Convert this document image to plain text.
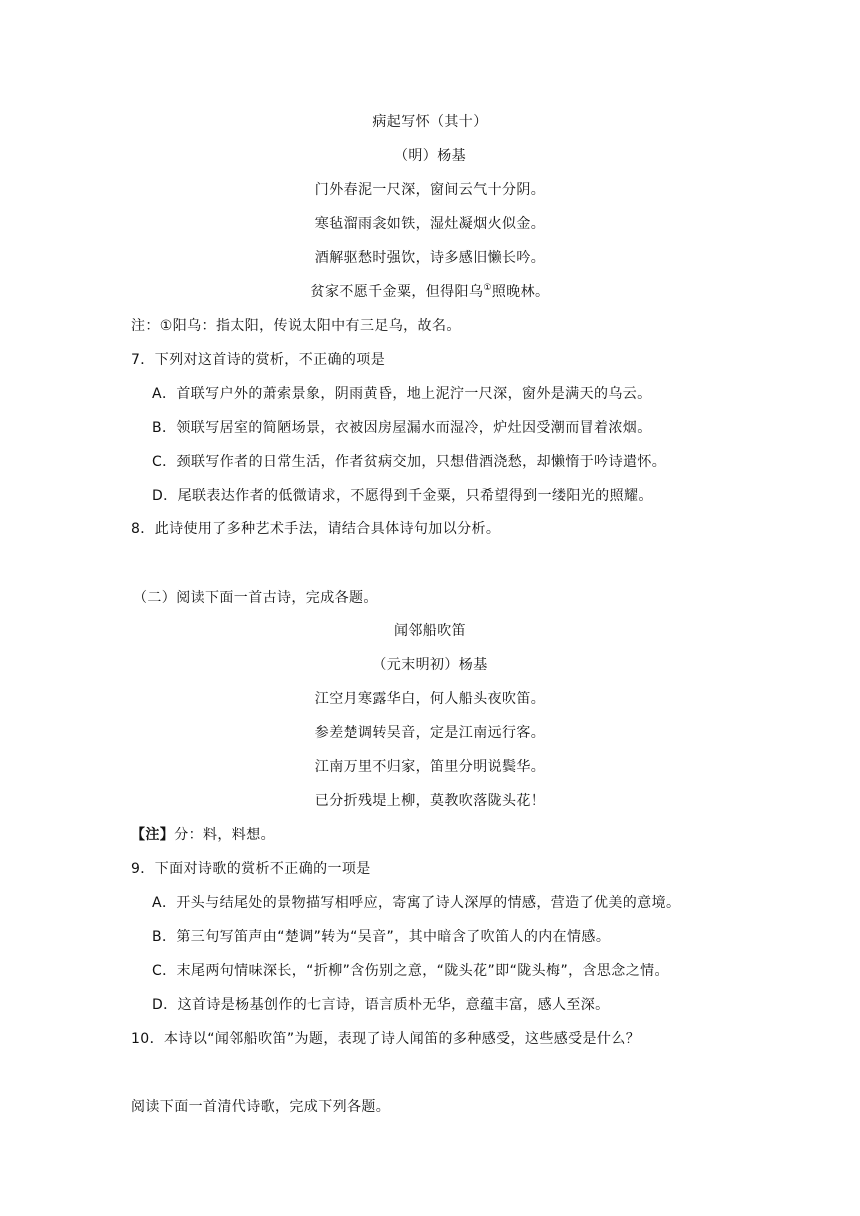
病起写怀（其十）
（明）杨基
门外春泥一尺深，窗间云气十分阴。
寒毡溜雨衾如铁，湿灶凝烟火似金。
酒解驱愁时强饮，诗多感旧懒长吟。
贫家不愿千金粟，但得阳乌①照晚林。
注：①阳乌：指太阳，传说太阳中有三足乌，故名。
7．下列对这首诗的赏析，不正确的项是
A．首联写户外的萧索景象，阴雨黄昏，地上泥泞一尺深，窗外是满天的乌云。
B．领联写居室的简陋场景，衣被因房屋漏水而湿冷，炉灶因受潮而冒着浓烟。
C．颈联写作者的日常生活，作者贫病交加，只想借酒浇愁，却懒惰于吟诗遣怀。
D．尾联表达作者的低微请求，不愿得到千金粟，只希望得到一缕阳光的照耀。
8．此诗使用了多种艺术手法，请结合具体诗句加以分析。
（二）阅读下面一首古诗，完成各题。
闻邻船吹笛
（元末明初）杨基
江空月寒露华白，何人船头夜吹笛。
参差楚调转吴音，定是江南远行客。
江南万里不归家，笛里分明说鬓华。
已分折残堤上柳，莫教吹落陇头花！
【注】分：料，料想。
9．下面对诗歌的赏析不正确的一项是
A．开头与结尾处的景物描写相呼应，寄寓了诗人深厚的情感，营造了优美的意境。
B．第三句写笛声由“楚调”转为“吴音”，其中暗含了吹笛人的内在情感。
C．末尾两句情味深长，“折柳”含伤别之意，“陇头花”即“陇头梅”，含思念之情。
D．这首诗是杨基创作的七言诗，语言质朴无华，意蕴丰富，感人至深。
10．本诗以“闻邻船吹笛”为题，表现了诗人闻笛的多种感受，这些感受是什么？
阅读下面一首清代诗歌，完成下列各题。
